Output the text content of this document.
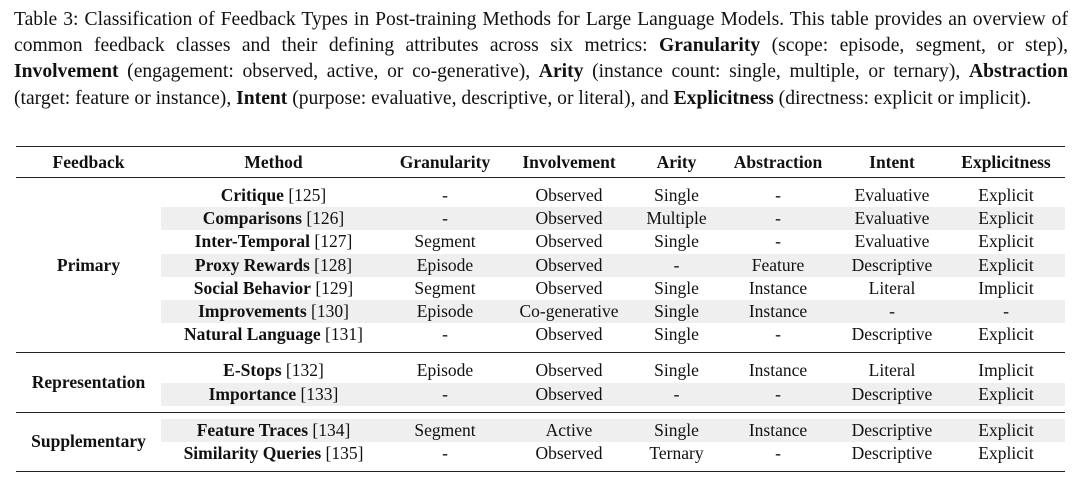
Table 3: Classification of Feedback Types in Post-training Methods for Large Language Models. This table provides an overview of common feedback classes and their defining attributes across six metrics: Granularity (scope: episode, segment, or step), Involvement (engagement: observed, active, or co-generative), Arity (instance count: single, multiple, or ternary), Abstraction (target: feature or instance), Intent (purpose: evaluative, descriptive, or literal), and Explicitness (directness: explicit or implicit).

Feedback	Method	Granularity	Involvement	Arity	Abstraction	Intent	Explicitness

Primary	Critique [125]	-	Observed	Single	-	Evaluative	Explicit
	Comparisons [126]	-	Observed	Multiple	-	Evaluative	Explicit
	Inter-Temporal [127]	Segment	Observed	Single	-	Evaluative	Explicit
	Proxy Rewards [128]	Episode	Observed	-	Feature	Descriptive	Explicit
	Social Behavior [129]	Segment	Observed	Single	Instance	Literal	Implicit
	Improvements [130]	Episode	Co-generative	Single	Instance	-	-
	Natural Language [131]	-	Observed	Single	-	Descriptive	Explicit

Representation	E-Stops [132]	Episode	Observed	Single	Instance	Literal	Implicit
	Importance [133]	-	Observed	-	-	Descriptive	Explicit

Supplementary	Feature Traces [134]	Segment	Active	Single	Instance	Descriptive	Explicit
	Similarity Queries [135]	-	Observed	Ternary	-	Descriptive	Explicit
